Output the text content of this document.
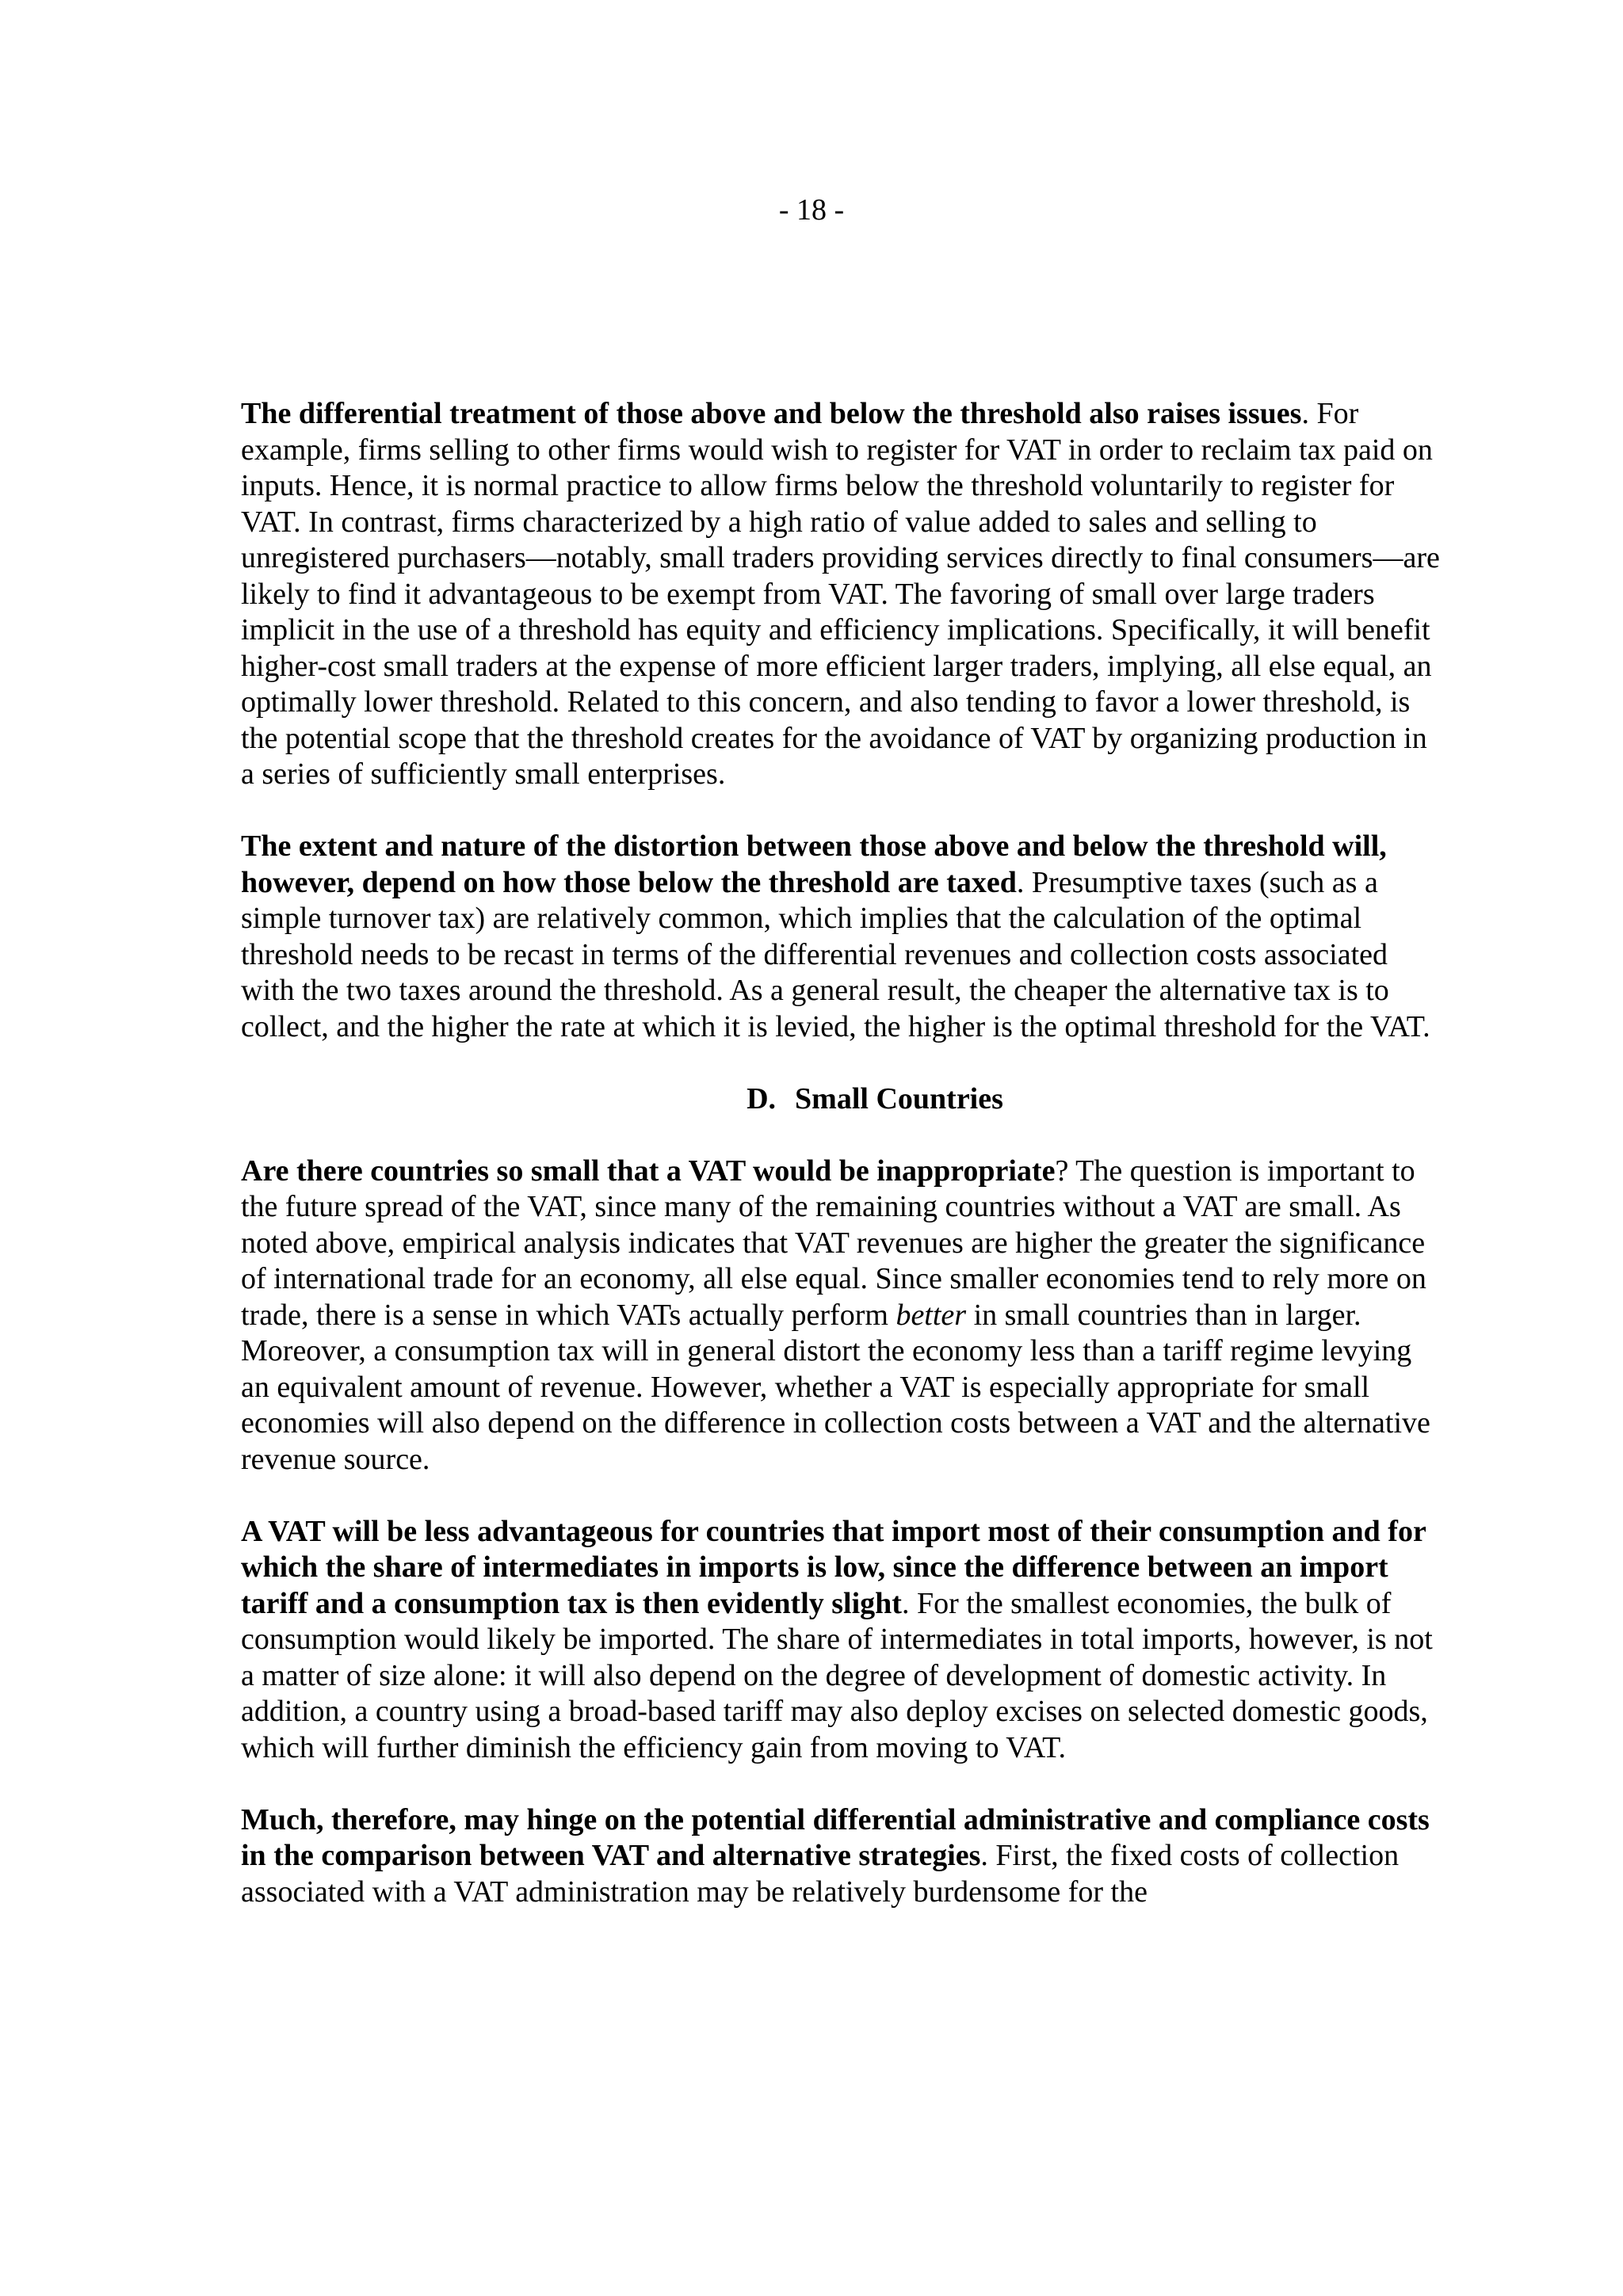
- 18 -

The differential treatment of those above and below the threshold also raises issues. For example, firms selling to other firms would wish to register for VAT in order to reclaim tax paid on inputs. Hence, it is normal practice to allow firms below the threshold voluntarily to register for VAT. In contrast, firms characterized by a high ratio of value added to sales and selling to unregistered purchasers—notably, small traders providing services directly to final consumers—are likely to find it advantageous to be exempt from VAT. The favoring of small over large traders implicit in the use of a threshold has equity and efficiency implications. Specifically, it will benefit higher-cost small traders at the expense of more efficient larger traders, implying, all else equal, an optimally lower threshold. Related to this concern, and also tending to favor a lower threshold, is the potential scope that the threshold creates for the avoidance of VAT by organizing production in a series of sufficiently small enterprises.

The extent and nature of the distortion between those above and below the threshold will, however, depend on how those below the threshold are taxed. Presumptive taxes (such as a simple turnover tax) are relatively common, which implies that the calculation of the optimal threshold needs to be recast in terms of the differential revenues and collection costs associated with the two taxes around the threshold. As a general result, the cheaper the alternative tax is to collect, and the higher the rate at which it is levied, the higher is the optimal threshold for the VAT.

D. Small Countries

Are there countries so small that a VAT would be inappropriate? The question is important to the future spread of the VAT, since many of the remaining countries without a VAT are small. As noted above, empirical analysis indicates that VAT revenues are higher the greater the significance of international trade for an economy, all else equal. Since smaller economies tend to rely more on trade, there is a sense in which VATs actually perform better in small countries than in larger. Moreover, a consumption tax will in general distort the economy less than a tariff regime levying an equivalent amount of revenue. However, whether a VAT is especially appropriate for small economies will also depend on the difference in collection costs between a VAT and the alternative revenue source.

A VAT will be less advantageous for countries that import most of their consumption and for which the share of intermediates in imports is low, since the difference between an import tariff and a consumption tax is then evidently slight. For the smallest economies, the bulk of consumption would likely be imported. The share of intermediates in total imports, however, is not a matter of size alone: it will also depend on the degree of development of domestic activity. In addition, a country using a broad-based tariff may also deploy excises on selected domestic goods, which will further diminish the efficiency gain from moving to VAT.

Much, therefore, may hinge on the potential differential administrative and compliance costs in the comparison between VAT and alternative strategies. First, the fixed costs of collection associated with a VAT administration may be relatively burdensome for the
